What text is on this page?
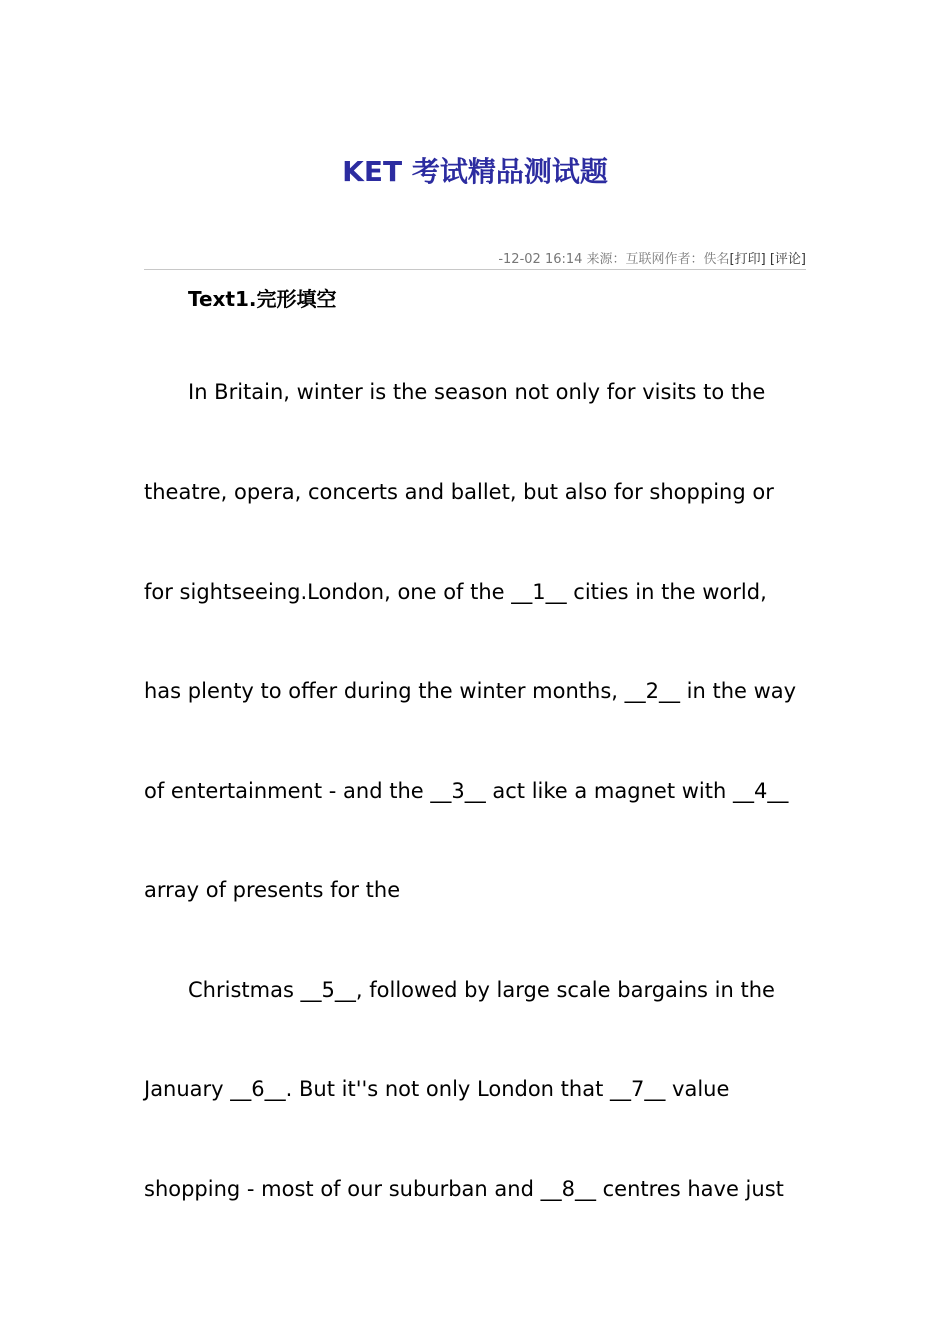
KET 考试精品测试题
-12-02 16:14 来源：互联网作者：佚名[打印] [评论]
Text1.完形填空
In Britain, winter is the season not only for visits to the
theatre, opera, concerts and ballet, but also for shopping or
for sightseeing.London, one of the __1__ cities in the world,
has plenty to offer during the winter months, __2__ in the way
of entertainment - and the __3__ act like a magnet with __4__
array of presents for the
Christmas __5__, followed by large scale bargains in the
January __6__. But it''s not only London that __7__ value
shopping - most of our suburban and __8__ centres have just
